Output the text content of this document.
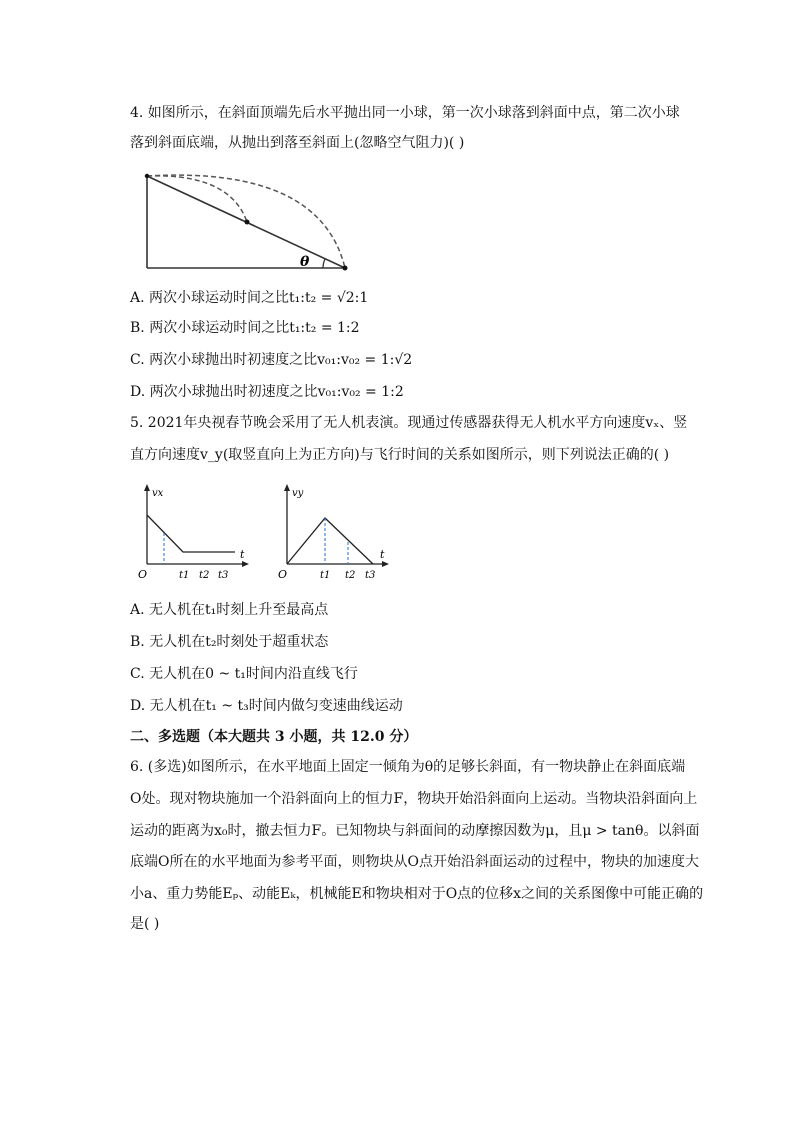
4. 如图所示，在斜面顶端先后水平抛出同一小球，第一次小球落到斜面中点，第二次小球
落到斜面底端，从抛出到落至斜面上(忽略空气阻力)( )
θ
A. 两次小球运动时间之比t₁:t₂ = √2:1
B. 两次小球运动时间之比t₁:t₂ = 1:2
C. 两次小球抛出时初速度之比v₀₁:v₀₂ = 1:√2
D. 两次小球抛出时初速度之比v₀₁:v₀₂ = 1:2
5. 2021年央视春节晚会采用了无人机表演。现通过传感器获得无人机水平方向速度vₓ、竖
直方向速度v_y(取竖直向上为正方向)与飞行时间的关系如图所示，则下列说法正确的( )
vx
t
O	t1 t2 t3
vy
t
O	t1 t2 t3
A. 无人机在t₁时刻上升至最高点
B. 无人机在t₂时刻处于超重状态
C. 无人机在0 ~ t₁时间内沿直线飞行
D. 无人机在t₁ ~ t₃时间内做匀变速曲线运动
二、多选题（本大题共 3 小题，共 12.0 分）
6. (多选)如图所示，在水平地面上固定一倾角为θ的足够长斜面，有一物块静止在斜面底端
O处。现对物块施加一个沿斜面向上的恒力F，物块开始沿斜面向上运动。当物块沿斜面向上
运动的距离为x₀时，撤去恒力F。已知物块与斜面间的动摩擦因数为μ，且μ > tanθ。以斜面
底端O所在的水平地面为参考平面，则物块从O点开始沿斜面运动的过程中，物块的加速度大
小a、重力势能Eₚ、动能Eₖ，机械能E和物块相对于O点的位移x之间的关系图像中可能正确的
是( )
